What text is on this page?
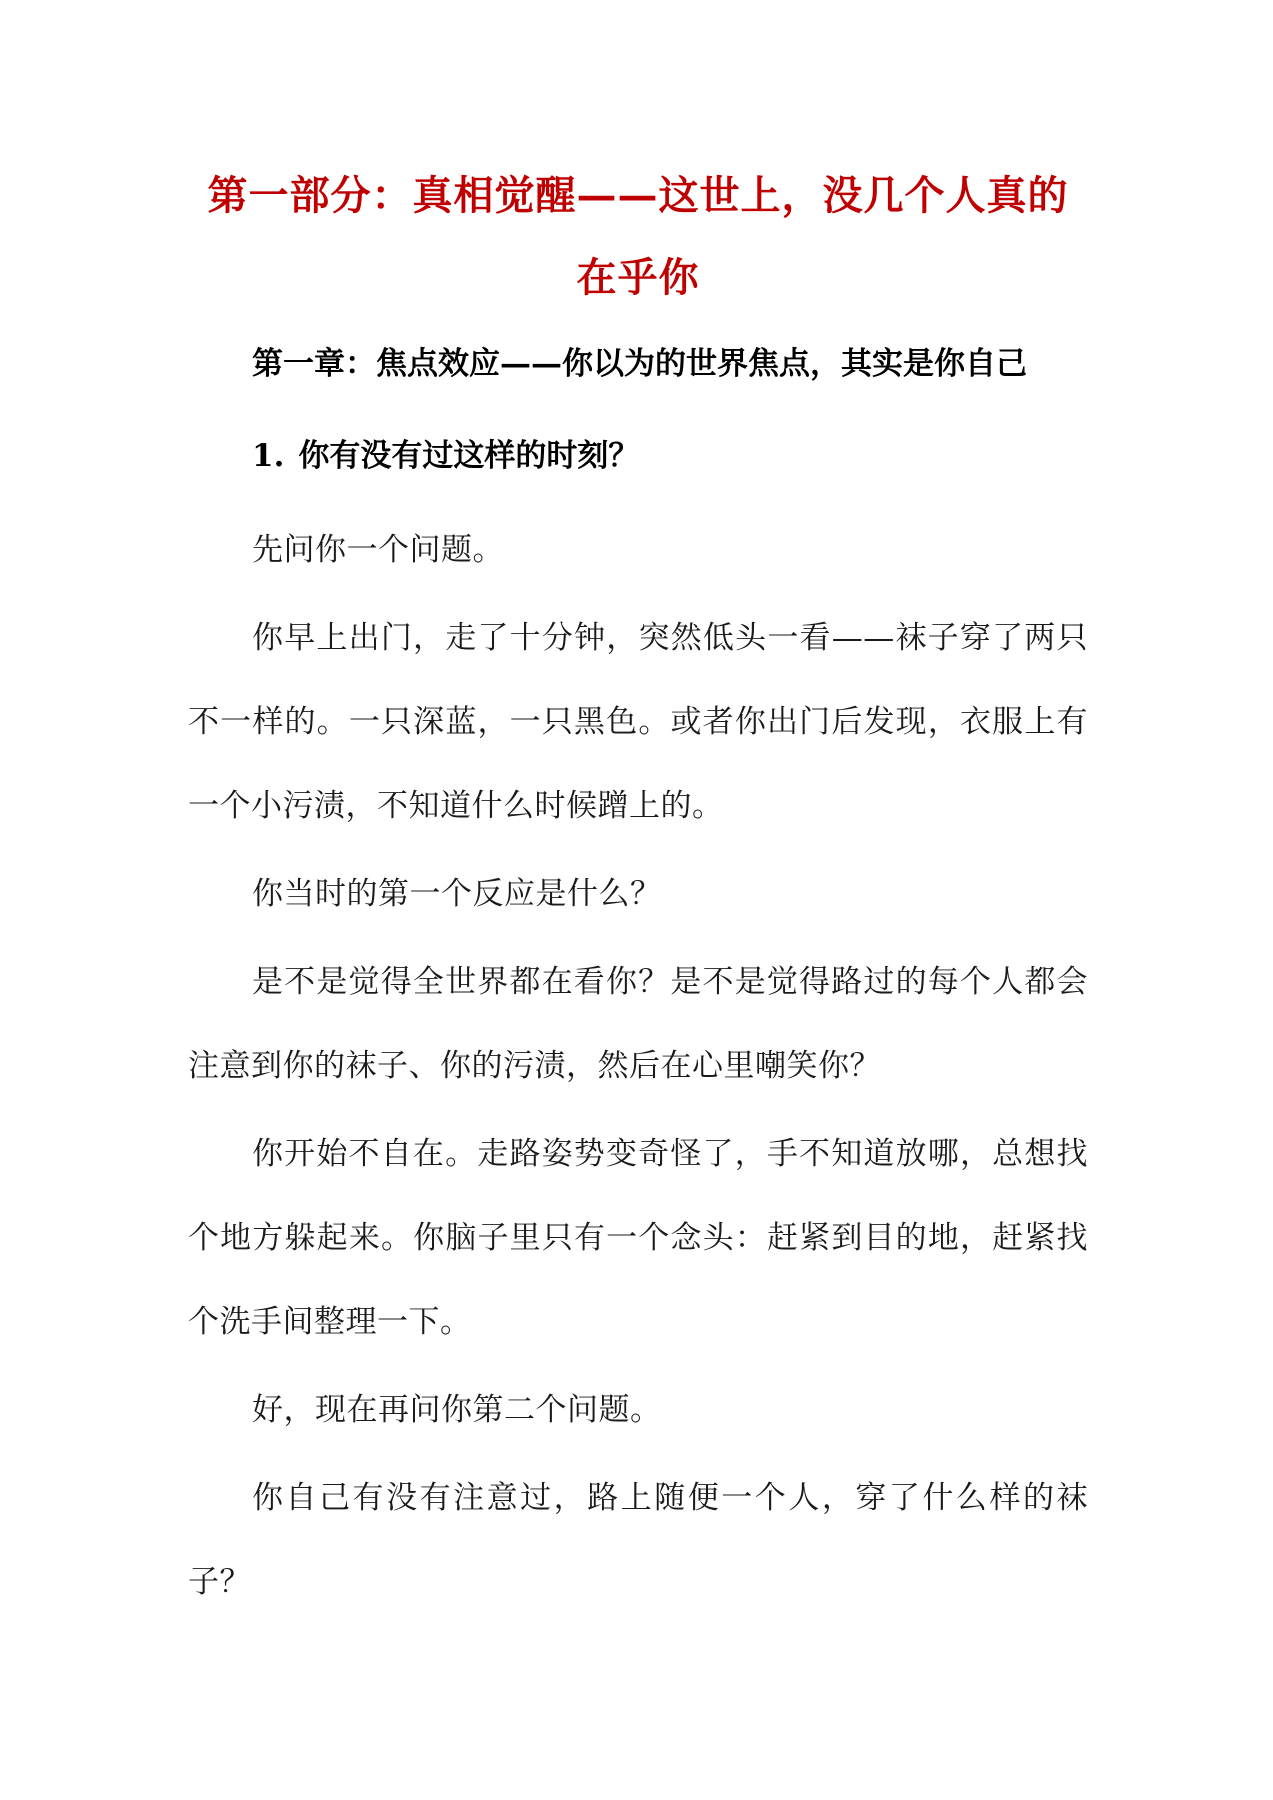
第一部分：真相觉醒——这世上，没几个人真的在乎你
第一章：焦点效应——你以为的世界焦点，其实是你自己
1. 你有没有过这样的时刻？

先问你一个问题。

你早上出门，走了十分钟，突然低头一看——袜子穿了两只不一样的。一只深蓝，一只黑色。或者你出门后发现，衣服上有一个小污渍，不知道什么时候蹭上的。

你当时的第一个反应是什么？

是不是觉得全世界都在看你？是不是觉得路过的每个人都会注意到你的袜子、你的污渍，然后在心里嘲笑你？

你开始不自在。走路姿势变奇怪了，手不知道放哪，总想找个地方躲起来。你脑子里只有一个念头：赶紧到目的地，赶紧找个洗手间整理一下。

好，现在再问你第二个问题。

你自己有没有注意过，路上随便一个人，穿了什么样的袜子？
